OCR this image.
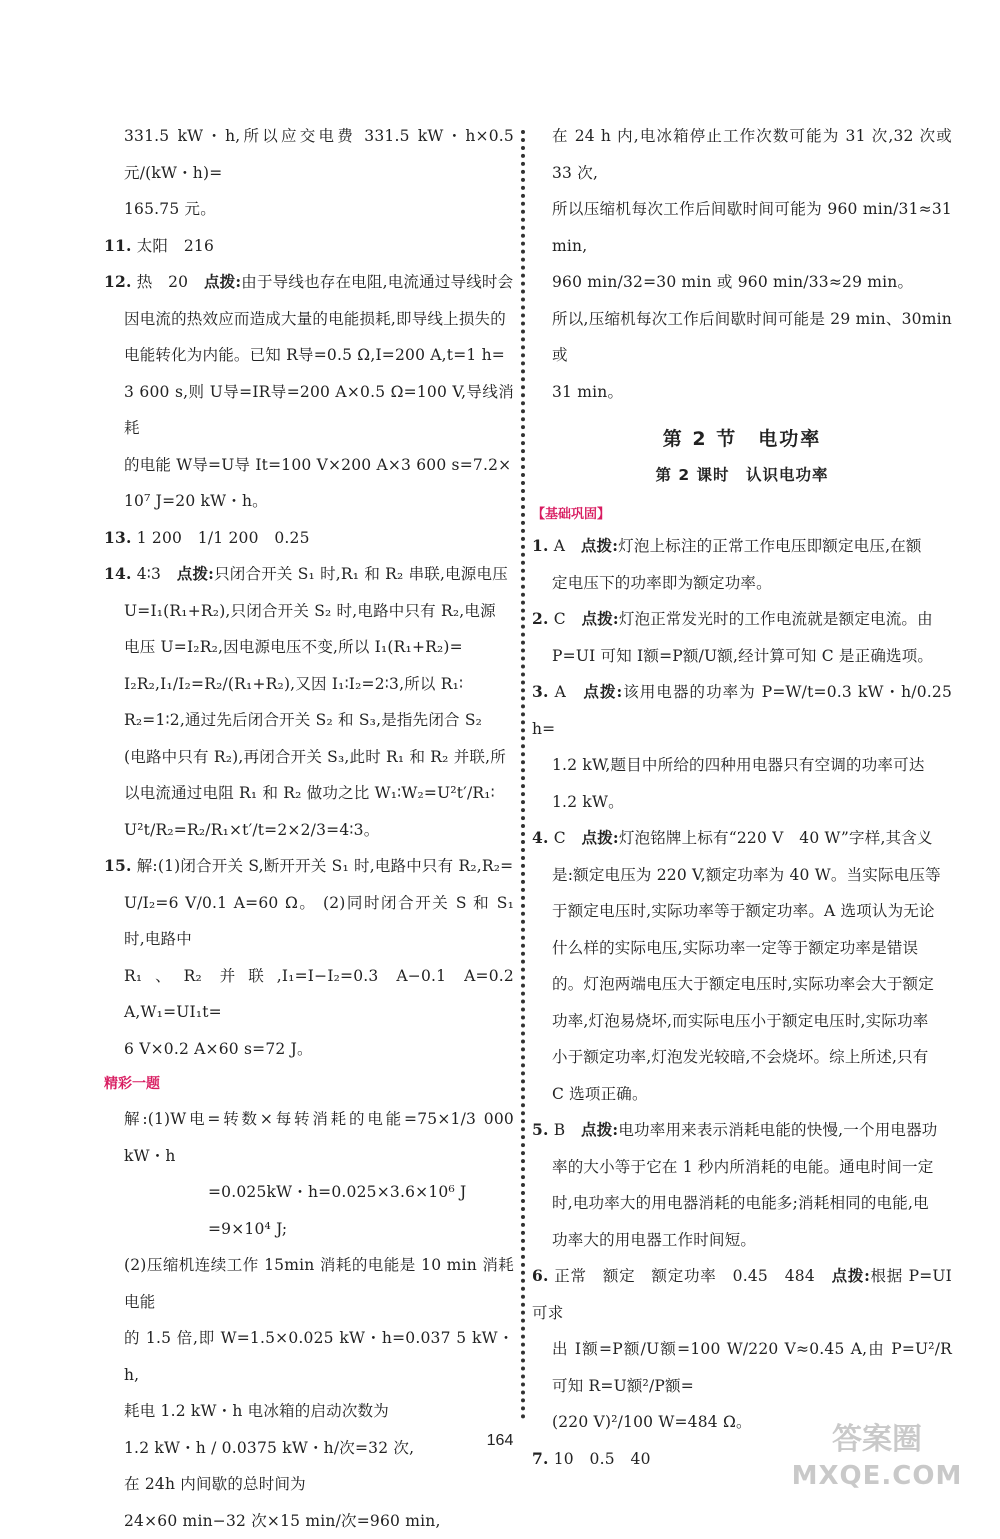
331.5 kW・h,所以应交电费 331.5 kW・h×0.5元/(kW・h)=

165.75 元。

11. 太阳　216

12. 热　20　 点拨:由于导线也存在电阻,电流通过导线时会

因电流的热效应而造成大量的电能损耗,即导线上损失的

电能转化为内能。已知 R导=0.5 Ω,I=200 A,t=1 h=

3 600 s,则 U导=IR导=200 A×0.5 Ω=100 V,导线消耗

的电能 W导=U导 It=100 V×200 A×3 600 s=7.2×

10⁷ J=20 kW・h。

13. 1 200　1/1 200　0.25

14. 4∶3　 点拨:只闭合开关 S₁ 时,R₁ 和 R₂ 串联,电源电压

U=I₁(R₁+R₂),只闭合开关 S₂ 时,电路中只有 R₂,电源

电压 U=I₂R₂,因电源电压不变,所以 I₁(R₁+R₂)=

I₂R₂,I₁/I₂=R₂/(R₁+R₂),又因 I₁∶I₂=2∶3,所以 R₁∶

R₂=1∶2,通过先后闭合开关 S₂ 和 S₃,是指先闭合 S₂

(电路中只有 R₂),再闭合开关 S₃,此时 R₁ 和 R₂ 并联,所

以电流通过电阻 R₁ 和 R₂ 做功之比 W₁∶W₂=U²t′/R₁∶

U²t/R₂=R₂/R₁×t′/t=2×2/3=4∶3。

15. 解:(1)闭合开关 S,断开开关 S₁ 时,电路中只有 R₂,R₂=

U/I₂=6 V/0.1 A=60 Ω。 (2)同时闭合开关 S 和 S₁ 时,电路中

R₁、R₂ 并联,I₁=I−I₂=0.3 A−0.1 A=0.2 A,W₁=UI₁t=

6 V×0.2 A×60 s=72 J。

精彩一题

解:(1)W电=转数×每转消耗的电能=75×1/3 000 kW・h

=0.025kW・h=0.025×3.6×10⁶ J

=9×10⁴ J;

(2)压缩机连续工作 15min 消耗的电能是 10 min 消耗电能

的 1.5 倍,即 W=1.5×0.025 kW・h=0.037 5 kW・h,

耗电 1.2 kW・h 电冰箱的启动次数为

1.2 kW・h / 0.0375 kW・h/次=32 次,

在 24h 内间歇的总时间为

24×60 min−32 次×15 min/次=960 min,

在 24 h 内,电冰箱停止工作次数可能为 31 次,32 次或 33 次,

所以压缩机每次工作后间歇时间可能为 960 min/31≈31 min,

960 min/32=30 min 或 960 min/33≈29 min。

所以,压缩机每次工作后间歇时间可能是 29 min、30min 或

31 min。

第 2 节　电功率
第 2 课时　认识电功率
【基础巩固】

1. A　 点拨:灯泡上标注的正常工作电压即额定电压,在额

定电压下的功率即为额定功率。

2. C　 点拨:灯泡正常发光时的工作电流就是额定电流。由

P=UI 可知 I额=P额/U额,经计算可知 C 是正确选项。

3. A　 点拨:该用电器的功率为 P=W/t=0.3 kW・h/0.25 h=

1.2 kW,题目中所给的四种用电器只有空调的功率可达

1.2 kW。

4. C　 点拨:灯泡铭牌上标有“220 V　40 W”字样,其含义

是:额定电压为 220 V,额定功率为 40 W。当实际电压等

于额定电压时,实际功率等于额定功率。A 选项认为无论

什么样的实际电压,实际功率一定等于额定功率是错误

的。灯泡两端电压大于额定电压时,实际功率会大于额定

功率,灯泡易烧坏,而实际电压小于额定电压时,实际功率

小于额定功率,灯泡发光较暗,不会烧坏。综上所述,只有

C 选项正确。

5. B　 点拨:电功率用来表示消耗电能的快慢,一个用电器功

率的大小等于它在 1 秒内所消耗的电能。通电时间一定

时,电功率大的用电器消耗的电能多;消耗相同的电能,电

功率大的用电器工作时间短。

6. 正常　额定　额定功率　0.45　484　 点拨:根据 P=UI 可求

出 I额=P额/U额=100 W/220 V≈0.45 A,由 P=U²/R 可知 R=U额²/P额=

(220 V)²/100 W=484 Ω。

7. 10　0.5　40

164	答案圈
MXQE.COM
